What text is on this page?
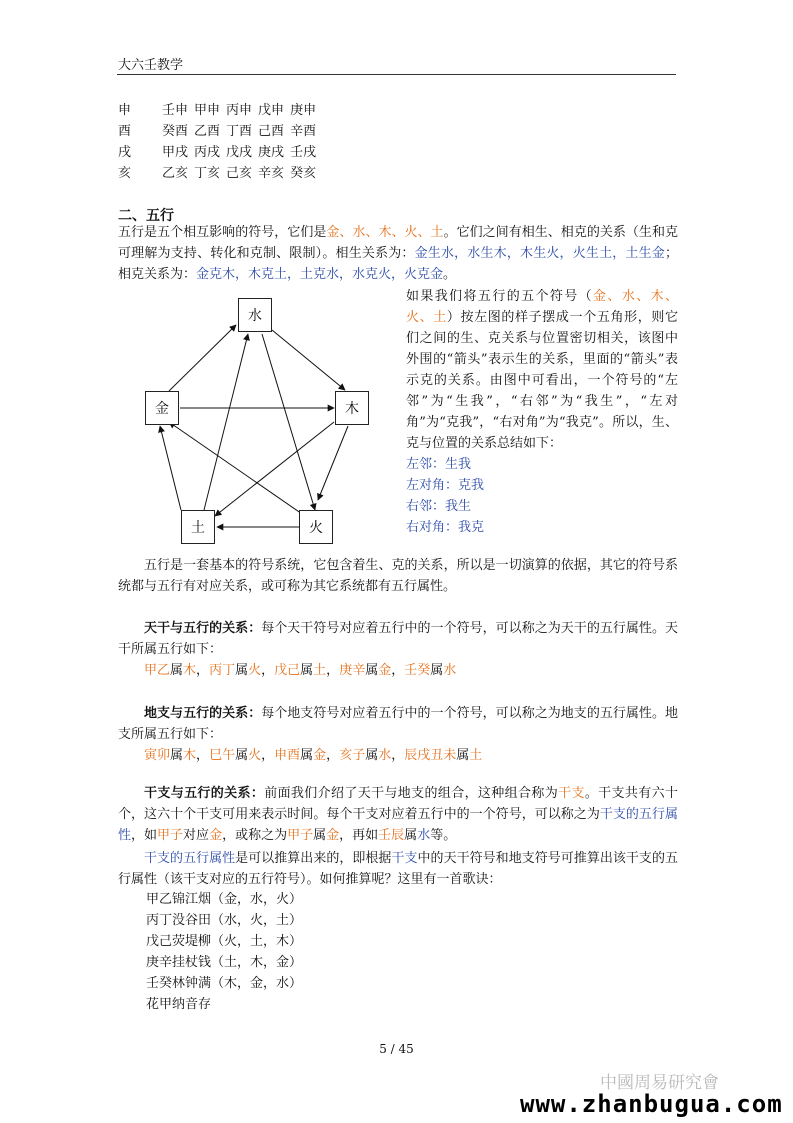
大六壬教学
申 壬申 甲申 丙申 戊申 庚申
酉 癸酉 乙酉 丁酉 己酉 辛酉
戌 甲戌 丙戌 戊戌 庚戌 壬戌
亥 乙亥 丁亥 己亥 辛亥 癸亥
二、五行
五行是五个相互影响的符号，它们是金、水、木、火、土。它们之间有相生、相克的关系（生和克可理解为支持、转化和克制、限制）。相生关系为：金生水，水生木，木生火，火生土，土生金；相克关系为：金克木，木克土，土克水，水克火，火克金。
水
金	木
土	火
如果我们将五行的五个符号（金、水、木、火、土）按左图的样子摆成一个五角形，则它们之间的生、克关系与位置密切相关，该图中外围的“箭头”表示生的关系，里面的“箭头”表示克的关系。由图中可看出，一个符号的“左邻”为“生我”，“右邻”为“我生”，“左对角”为“克我”，“右对角”为“我克”。所以，生、克与位置的关系总结如下：
左邻：生我
左对角：克我
右邻：我生
右对角：我克
五行是一套基本的符号系统，它包含着生、克的关系，所以是一切演算的依据，其它的符号系统都与五行有对应关系，或可称为其它系统都有五行属性。
天干与五行的关系：每个天干符号对应着五行中的一个符号，可以称之为天干的五行属性。天干所属五行如下：
甲乙属木，丙丁属火，戊己属土，庚辛属金，壬癸属水
地支与五行的关系：每个地支符号对应着五行中的一个符号，可以称之为地支的五行属性。地支所属五行如下：
寅卯属木，巳午属火，申酉属金，亥子属水，辰戌丑未属土
干支与五行的关系：前面我们介绍了天干与地支的组合，这种组合称为干支。干支共有六十个，这六十个干支可用来表示时间。每个干支对应着五行中的一个符号，可以称之为干支的五行属性，如甲子对应金，或称之为甲子属金，再如壬辰属水等。
干支的五行属性是可以推算出来的，即根据干支中的天干符号和地支符号可推算出该干支的五行属性（该干支对应的五行符号）。如何推算呢？这里有一首歌诀：
甲乙锦江烟（金，水，火）
丙丁没谷田（水，火，土）
戊己荧堤柳（火，土，木）
庚辛挂杖钱（土，木，金）
壬癸林钟满（木，金，水）
花甲纳音存
5 / 45
中國周易研究會
www.zhanbugua.com
